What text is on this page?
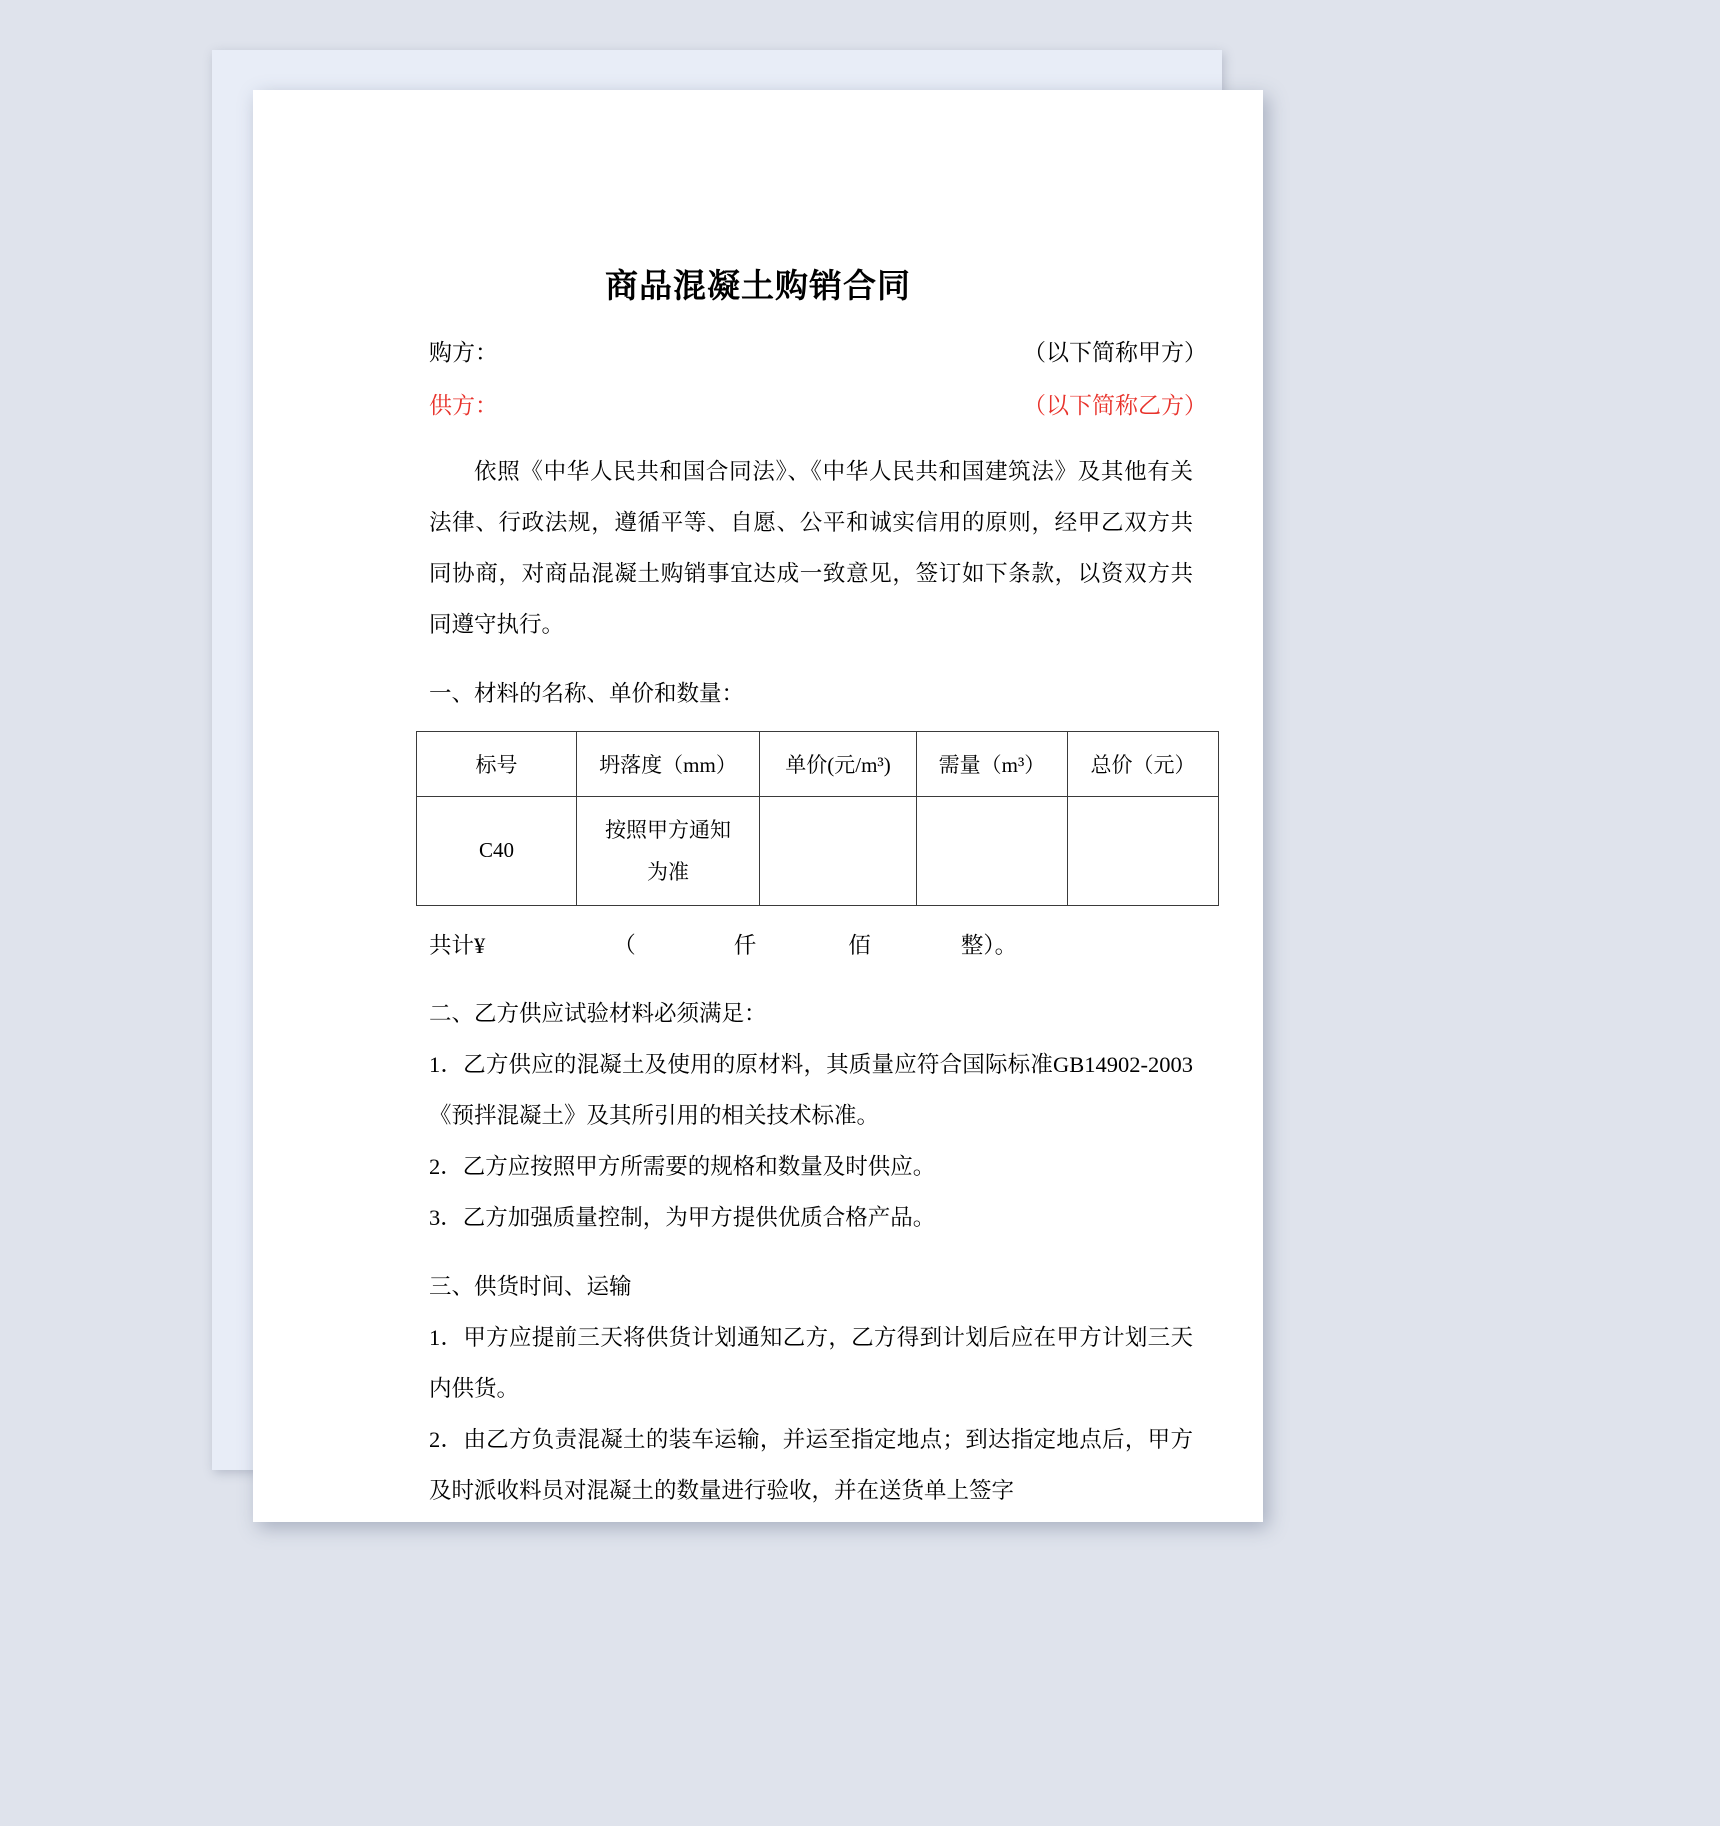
商品混凝土购销合同
购方：	（以下简称甲方）
供方：	（以下简称乙方）

依照《中华人民共和国合同法》、《中华人民共和国建筑法》及其他有关法律、行政法规，遵循平等、自愿、公平和诚实信用的原则，经甲乙双方共同协商，对商品混凝土购销事宜达成一致意见，签订如下条款，以资双方共同遵守执行。

一、材料的名称、单价和数量：

标号	坍落度（mm）	单价(元/m³)	需量（m³）	总价（元）
C40	按照甲方通知
为准			

共计¥	（	仟	佰	整）。

二、乙方供应试验材料必须满足：

1．乙方供应的混凝土及使用的原材料，其质量应符合国际标准GB14902-2003《预拌混凝土》及其所引用的相关技术标准。

2．乙方应按照甲方所需要的规格和数量及时供应。

3．乙方加强质量控制，为甲方提供优质合格产品。

三、供货时间、运输

1．甲方应提前三天将供货计划通知乙方，乙方得到计划后应在甲方计划三天内供货。

2．由乙方负责混凝土的装车运输，并运至指定地点；到达指定地点后，甲方及时派收料员对混凝土的数量进行验收，并在送货单上签字
